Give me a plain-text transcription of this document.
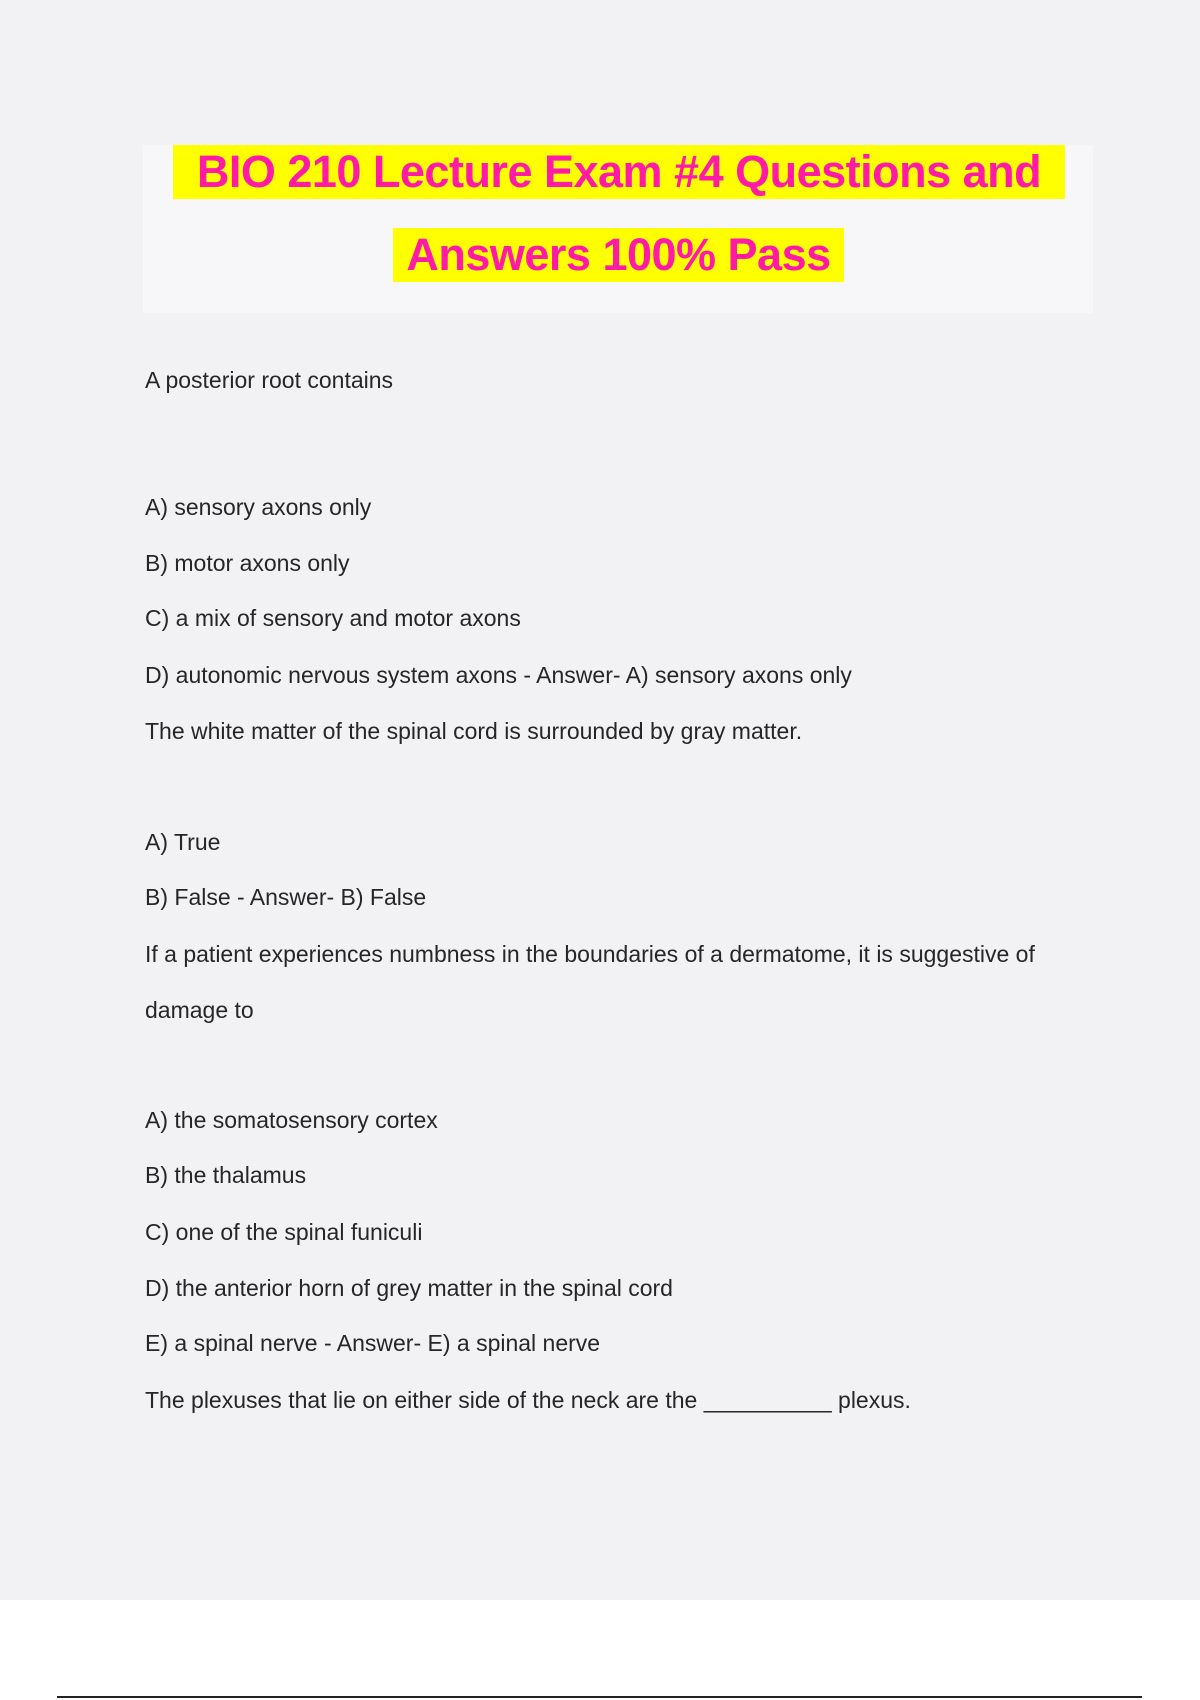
BIO 210 Lecture Exam #4 Questions and
Answers 100% Pass
A posterior root contains
A) sensory axons only
B) motor axons only
C) a mix of sensory and motor axons
D) autonomic nervous system axons - Answer- A) sensory axons only
The white matter of the spinal cord is surrounded by gray matter.
A) True
B) False - Answer- B) False
If a patient experiences numbness in the boundaries of a dermatome, it is suggestive of
damage to
A) the somatosensory cortex
B) the thalamus
C) one of the spinal funiculi
D) the anterior horn of grey matter in the spinal cord
E) a spinal nerve - Answer- E) a spinal nerve
The plexuses that lie on either side of the neck are the __________ plexus.
